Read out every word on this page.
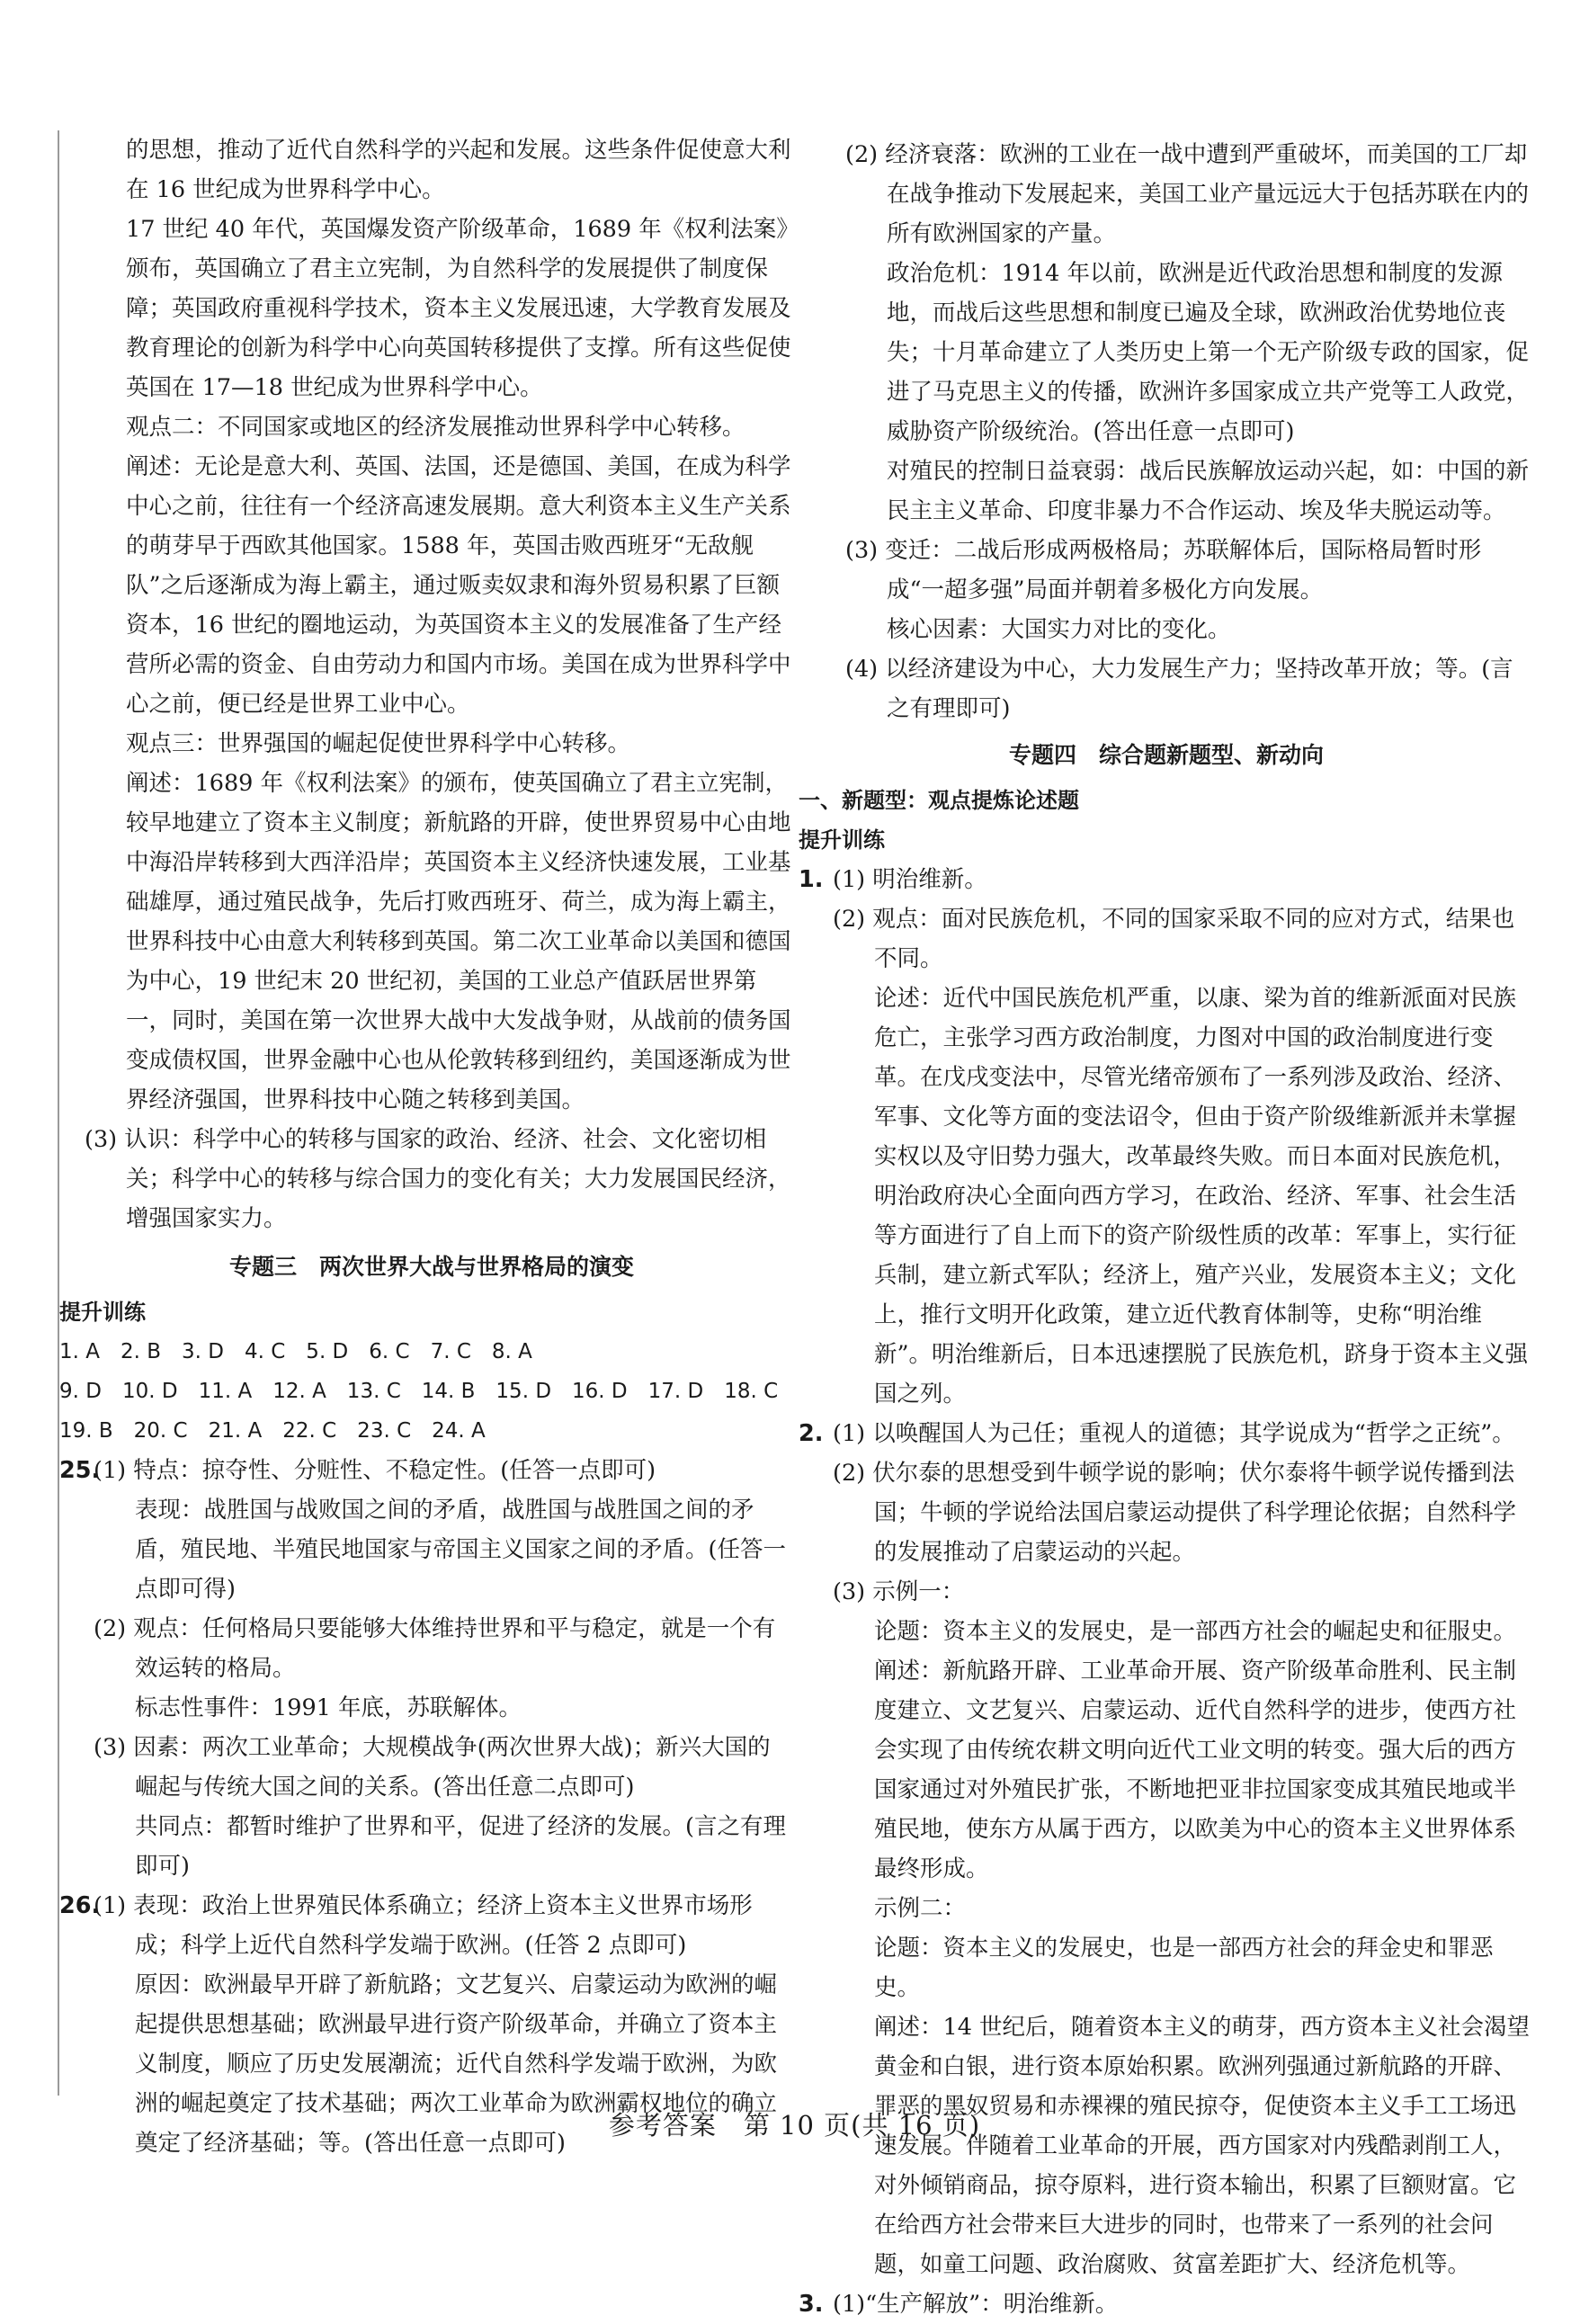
的思想，推动了近代自然科学的兴起和发展。这些条件促使意大利在 16 世纪成为世界科学中心。

17 世纪 40 年代，英国爆发资产阶级革命，1689 年《权利法案》颁布，英国确立了君主立宪制，为自然科学的发展提供了制度保障；英国政府重视科学技术，资本主义发展迅速，大学教育发展及教育理论的创新为科学中心向英国转移提供了支撑。所有这些促使英国在 17—18 世纪成为世界科学中心。

观点二：不同国家或地区的经济发展推动世界科学中心转移。

阐述：无论是意大利、英国、法国，还是德国、美国，在成为科学中心之前，往往有一个经济高速发展期。意大利资本主义生产关系的萌芽早于西欧其他国家。1588 年，英国击败西班牙“无敌舰队”之后逐渐成为海上霸主，通过贩卖奴隶和海外贸易积累了巨额资本，16 世纪的圈地运动，为英国资本主义的发展准备了生产经营所必需的资金、自由劳动力和国内市场。美国在成为世界科学中心之前，便已经是世界工业中心。

观点三：世界强国的崛起促使世界科学中心转移。

阐述：1689 年《权利法案》的颁布，使英国确立了君主立宪制，较早地建立了资本主义制度；新航路的开辟，使世界贸易中心由地中海沿岸转移到大西洋沿岸；英国资本主义经济快速发展，工业基础雄厚，通过殖民战争，先后打败西班牙、荷兰，成为海上霸主，世界科技中心由意大利转移到英国。第二次工业革命以美国和德国为中心，19 世纪末 20 世纪初，美国的工业总产值跃居世界第一，同时，美国在第一次世界大战中大发战争财，从战前的债务国变成债权国，世界金融中心也从伦敦转移到纽约，美国逐渐成为世界经济强国，世界科技中心随之转移到美国。

(3) 认识：科学中心的转移与国家的政治、经济、社会、文化密切相关；科学中心的转移与综合国力的变化有关；大力发展国民经济，增强国家实力。

专题三　两次世界大战与世界格局的演变

提升训练

1. A　2. B　3. D　4. C　5. D　6. C　7. C　8. A
9. D　10. D　11. A　12. A　13. C　14. B　15. D　16. D　17. D　18. C
19. B　20. C　21. A　22. C　23. C　24. A
25.

(1) 特点：掠夺性、分赃性、不稳定性。(任答一点即可)

表现：战胜国与战败国之间的矛盾，战胜国与战胜国之间的矛盾，殖民地、半殖民地国家与帝国主义国家之间的矛盾。(任答一点即可得)

(2) 观点：任何格局只要能够大体维持世界和平与稳定，就是一个有效运转的格局。

标志性事件：1991 年底，苏联解体。

(3) 因素：两次工业革命；大规模战争(两次世界大战)；新兴大国的崛起与传统大国之间的关系。(答出任意二点即可)

共同点：都暂时维护了世界和平，促进了经济的发展。(言之有理即可)

26.

(1) 表现：政治上世界殖民体系确立；经济上资本主义世界市场形成；科学上近代自然科学发端于欧洲。(任答 2 点即可)

原因：欧洲最早开辟了新航路；文艺复兴、启蒙运动为欧洲的崛起提供思想基础；欧洲最早进行资产阶级革命，并确立了资本主义制度，顺应了历史发展潮流；近代自然科学发端于欧洲，为欧洲的崛起奠定了技术基础；两次工业革命为欧洲霸权地位的确立奠定了经济基础；等。(答出任意一点即可)

(2) 经济衰落：欧洲的工业在一战中遭到严重破坏，而美国的工厂却在战争推动下发展起来，美国工业产量远远大于包括苏联在内的所有欧洲国家的产量。

政治危机：1914 年以前，欧洲是近代政治思想和制度的发源地，而战后这些思想和制度已遍及全球，欧洲政治优势地位丧失；十月革命建立了人类历史上第一个无产阶级专政的国家，促进了马克思主义的传播，欧洲许多国家成立共产党等工人政党，威胁资产阶级统治。(答出任意一点即可)

对殖民的控制日益衰弱：战后民族解放运动兴起，如：中国的新民主主义革命、印度非暴力不合作运动、埃及华夫脱运动等。

(3) 变迁：二战后形成两极格局；苏联解体后，国际格局暂时形成“一超多强”局面并朝着多极化方向发展。

核心因素：大国实力对比的变化。

(4) 以经济建设为中心，大力发展生产力；坚持改革开放；等。(言之有理即可)

专题四　综合题新题型、新动向

一、新题型：观点提炼论述题

提升训练

1. (1) 明治维新。

(2) 观点：面对民族危机，不同的国家采取不同的应对方式，结果也不同。

论述：近代中国民族危机严重，以康、梁为首的维新派面对民族危亡，主张学习西方政治制度，力图对中国的政治制度进行变革。在戊戌变法中，尽管光绪帝颁布了一系列涉及政治、经济、军事、文化等方面的变法诏令，但由于资产阶级维新派并未掌握实权以及守旧势力强大，改革最终失败。而日本面对民族危机，明治政府决心全面向西方学习，在政治、经济、军事、社会生活等方面进行了自上而下的资产阶级性质的改革：军事上，实行征兵制，建立新式军队；经济上，殖产兴业，发展资本主义；文化上，推行文明开化政策，建立近代教育体制等，史称“明治维新”。明治维新后，日本迅速摆脱了民族危机，跻身于资本主义强国之列。

2. (1) 以唤醒国人为己任；重视人的道德；其学说成为“哲学之正统”。

(2) 伏尔泰的思想受到牛顿学说的影响；伏尔泰将牛顿学说传播到法国；牛顿的学说给法国启蒙运动提供了科学理论依据；自然科学的发展推动了启蒙运动的兴起。

(3) 示例一：

论题：资本主义的发展史，是一部西方社会的崛起史和征服史。

阐述：新航路开辟、工业革命开展、资产阶级革命胜利、民主制度建立、文艺复兴、启蒙运动、近代自然科学的进步，使西方社会实现了由传统农耕文明向近代工业文明的转变。强大后的西方国家通过对外殖民扩张，不断地把亚非拉国家变成其殖民地或半殖民地，使东方从属于西方，以欧美为中心的资本主义世界体系最终形成。

示例二：

论题：资本主义的发展史，也是一部西方社会的拜金史和罪恶史。

阐述：14 世纪后，随着资本主义的萌芽，西方资本主义社会渴望黄金和白银，进行资本原始积累。欧洲列强通过新航路的开辟、罪恶的黑奴贸易和赤裸裸的殖民掠夺，促使资本主义手工工场迅速发展。伴随着工业革命的开展，西方国家对内残酷剥削工人，对外倾销商品，掠夺原料，进行资本输出，积累了巨额财富。它在给西方社会带来巨大进步的同时，也带来了一系列的社会问题，如童工问题、政治腐败、贫富差距扩大、经济危机等。

3. (1)“生产解放”：明治维新。

参考答案　第 10 页(共 16 页)
